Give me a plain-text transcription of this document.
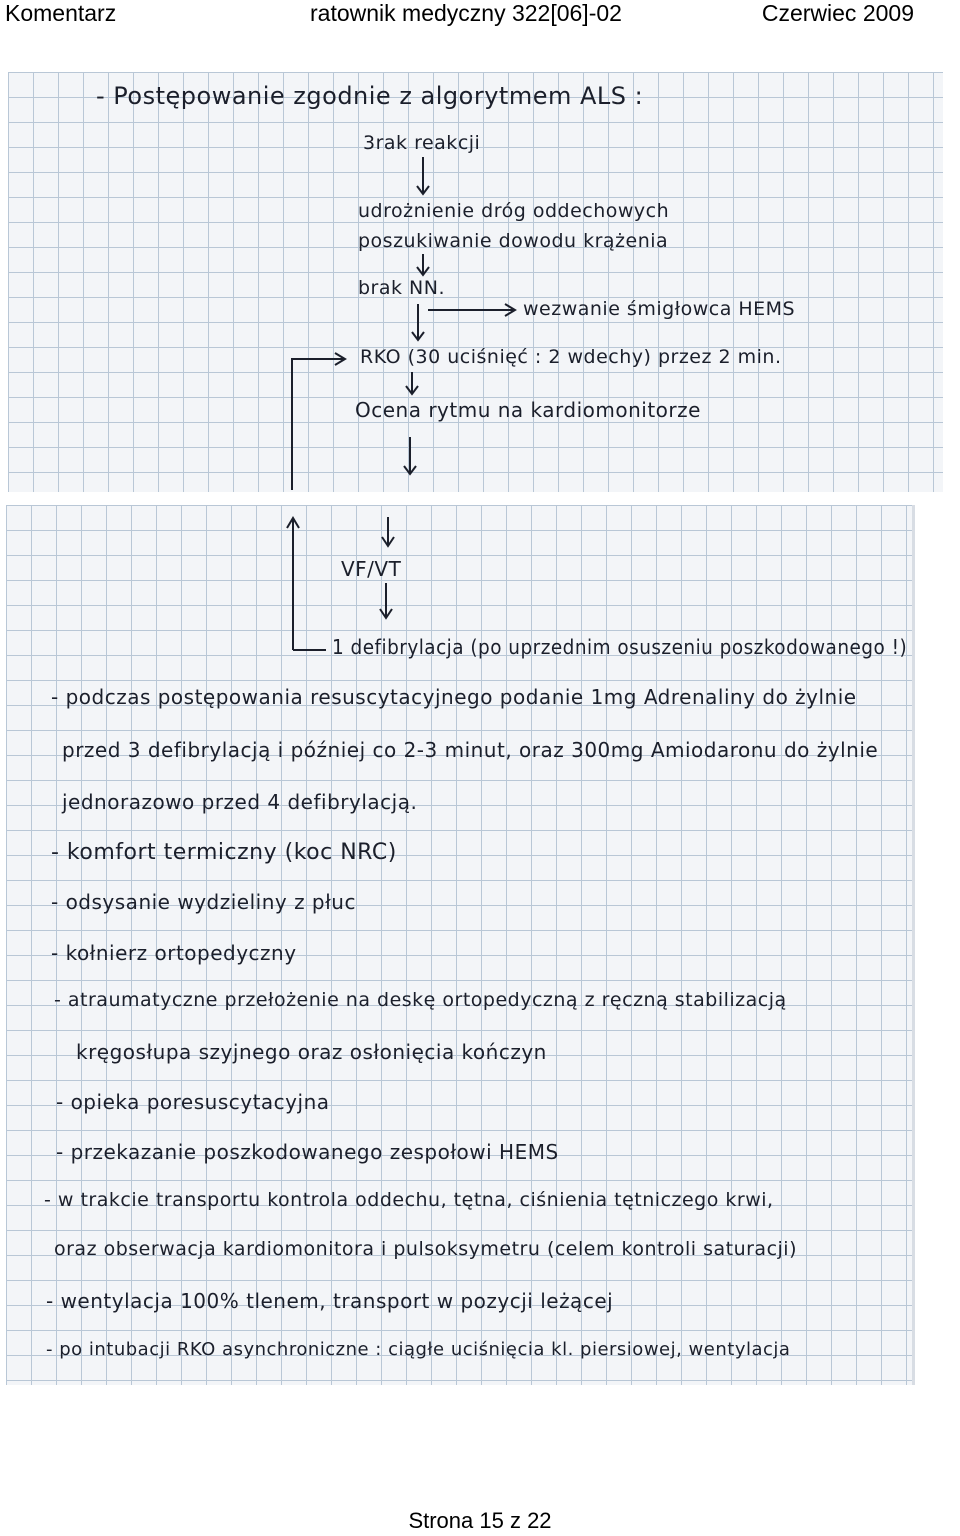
Komentarz	ratownik medyczny 322[06]-02	Czerwiec 2009
- Postępowanie zgodnie z algorytmem ALS :
3rak reakcji
udrożnienie dróg oddechowych
poszukiwanie dowodu krążenia
brak NN.
wezwanie śmigłowca HEMS
RKO (30 uciśnięć : 2 wdechy) przez 2 min.
Ocena rytmu na kardiomonitorze
VF/VT
1 defibrylacja (po uprzednim osuszeniu poszkodowanego !)
- podczas postępowania resuscytacyjnego podanie 1mg Adrenaliny do żylnie
przed 3 defibrylacją i później co 2-3 minut, oraz 300mg Amiodaronu do żylnie
jednorazowo przed 4 defibrylacją.
- komfort termiczny (koc NRC)
- odsysanie wydzieliny z płuc
- kołnierz ortopedyczny
- atraumatyczne przełożenie na deskę ortopedyczną z ręczną stabilizacją
kręgosłupa szyjnego oraz osłonięcia kończyn
- opieka poresuscytacyjna
- przekazanie poszkodowanego zespołowi HEMS
- w trakcie transportu kontrola oddechu, tętna, ciśnienia tętniczego krwi,
oraz obserwacja kardiomonitora i pulsoksymetru (celem kontroli saturacji)
- wentylacja 100% tlenem, transport w pozycji leżącej
- po intubacji RKO asynchroniczne : ciągłe uciśnięcia kl. piersiowej, wentylacja
Strona 15 z 22
